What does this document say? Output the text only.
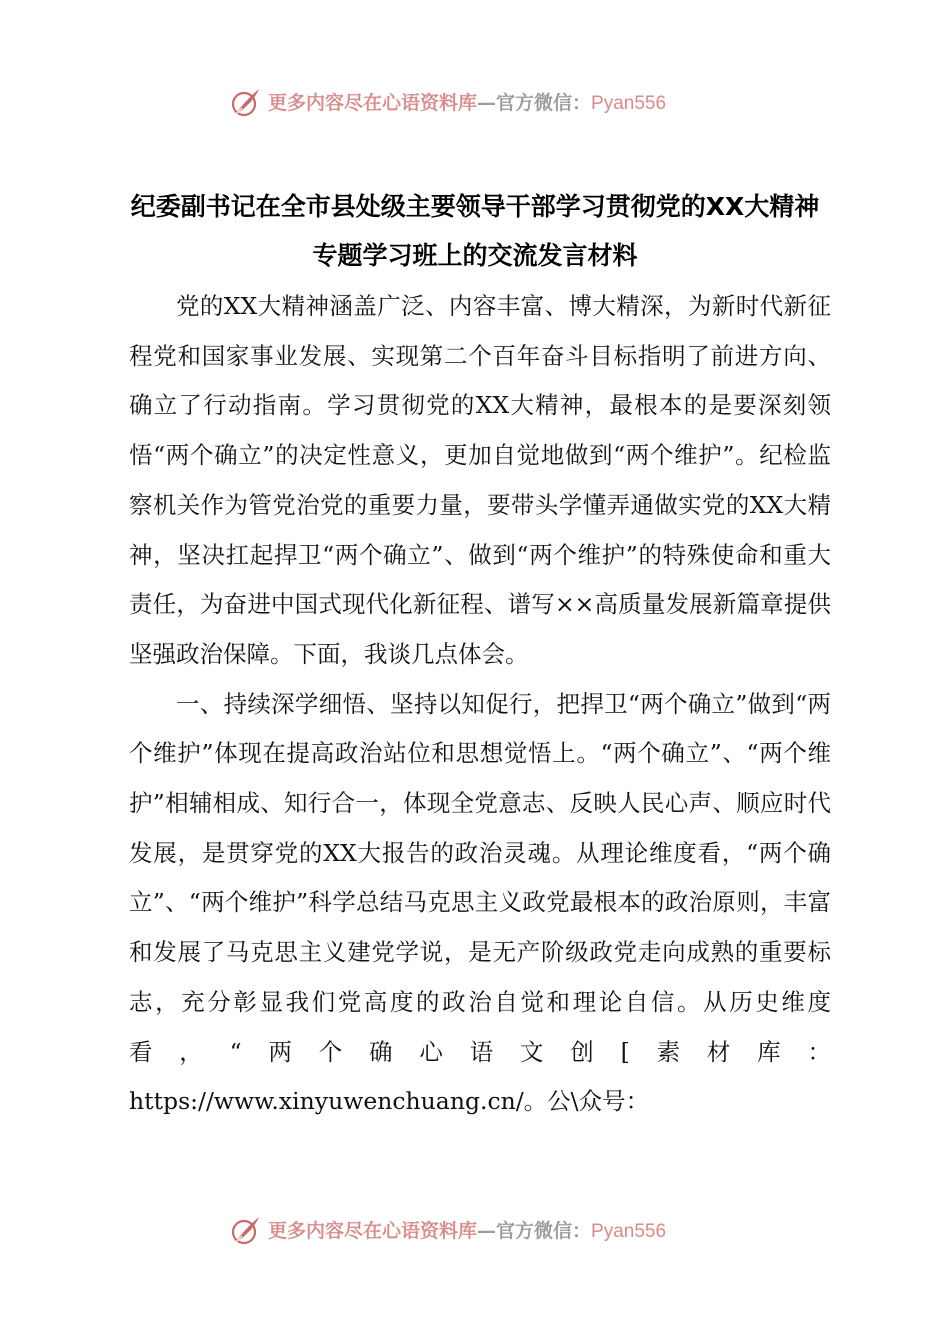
更多内容尽在心语资料库—官方微信：Pyan556
纪委副书记在全市县处级主要领导干部学习贯彻党的XX大精神
专题学习班上的交流发言材料

党的XX大精神涵盖广泛、内容丰富、博大精深，为新时代新征程党和国家事业发展、实现第二个百年奋斗目标指明了前进方向、确立了行动指南。学习贯彻党的XX大精神，最根本的是要深刻领悟“两个确立”的决定性意义，更加自觉地做到“两个维护”。纪检监察机关作为管党治党的重要力量，要带头学懂弄通做实党的XX大精神，坚决扛起捍卫“两个确立”、做到“两个维护”的特殊使命和重大责任，为奋进中国式现代化新征程、谱写××高质量发展新篇章提供坚强政治保障。下面，我谈几点体会。

一、持续深学细悟、坚持以知促行，把捍卫“两个确立”做到“两个维护”体现在提高政治站位和思想觉悟上。“两个确立”、“两个维护”相辅相成、知行合一，体现全党意志、反映人民心声、顺应时代发展，是贯穿党的XX大报告的政治灵魂。从理论维度看，“两个确立”、“两个维护”科学总结马克思主义政党最根本的政治原则，丰富和发展了马克思主义建党学说，是无产阶级政党走向成熟的重要标志，充分彰显我们党高度的政治自觉和理论自信。从历史维度看，“两个确心语文创[素材库：https://www.xinyuwenchuang.cn/。公\众号：

更多内容尽在心语资料库—官方微信：Pyan556
